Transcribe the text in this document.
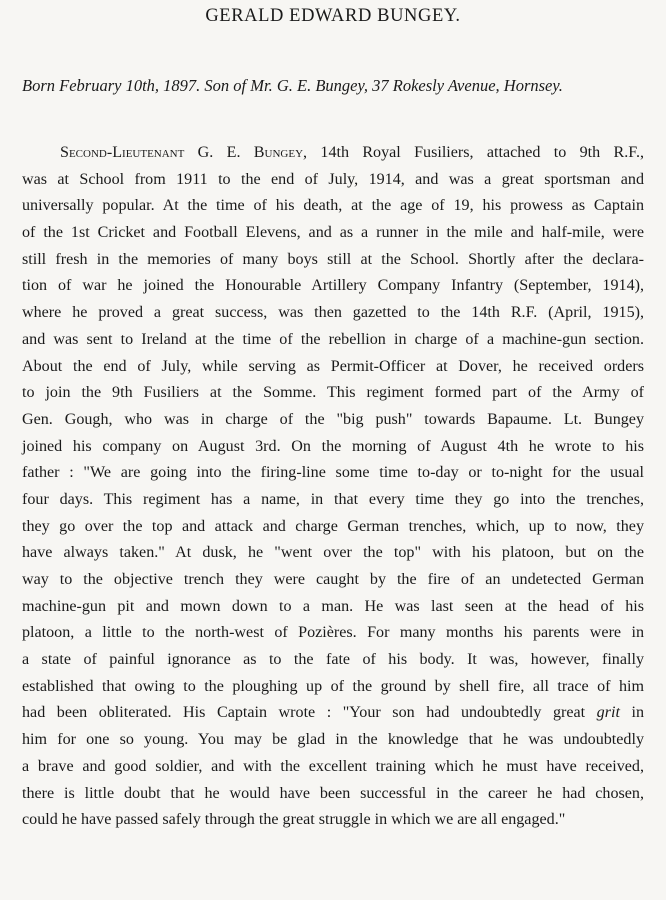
GERALD EDWARD BUNGEY.

Born February 10th, 1897. Son of Mr. G. E. Bungey, 37 Rokesly Avenue, Hornsey.

Second-Lieutenant G. E. Bungey, 14th Royal Fusiliers, attached to 9th R.F.,
was at School from 1911 to the end of July, 1914, and was a great sportsman and
universally popular. At the time of his death, at the age of 19, his prowess as Captain
of the 1st Cricket and Football Elevens, and as a runner in the mile and half-mile, were
still fresh in the memories of many boys still at the School. Shortly after the declara-
tion of war he joined the Honourable Artillery Company Infantry (September, 1914),
where he proved a great success, was then gazetted to the 14th R.F. (April, 1915),
and was sent to Ireland at the time of the rebellion in charge of a machine-gun section.
About the end of July, while serving as Permit-Officer at Dover, he received orders
to join the 9th Fusiliers at the Somme. This regiment formed part of the Army of
Gen. Gough, who was in charge of the "big push" towards Bapaume. Lt. Bungey
joined his company on August 3rd. On the morning of August 4th he wrote to his
father : "We are going into the firing-line some time to-day or to-night for the usual
four days. This regiment has a name, in that every time they go into the trenches,
they go over the top and attack and charge German trenches, which, up to now, they
have always taken." At dusk, he "went over the top" with his platoon, but on the
way to the objective trench they were caught by the fire of an undetected German
machine-gun pit and mown down to a man. He was last seen at the head of his
platoon, a little to the north-west of Pozières. For many months his parents were in
a state of painful ignorance as to the fate of his body. It was, however, finally
established that owing to the ploughing up of the ground by shell fire, all trace of him
had been obliterated. His Captain wrote : "Your son had undoubtedly great grit in
him for one so young. You may be glad in the knowledge that he was undoubtedly
a brave and good soldier, and with the excellent training which he must have received,
there is little doubt that he would have been successful in the career he had chosen,
could he have passed safely through the great struggle in which we are all engaged."
